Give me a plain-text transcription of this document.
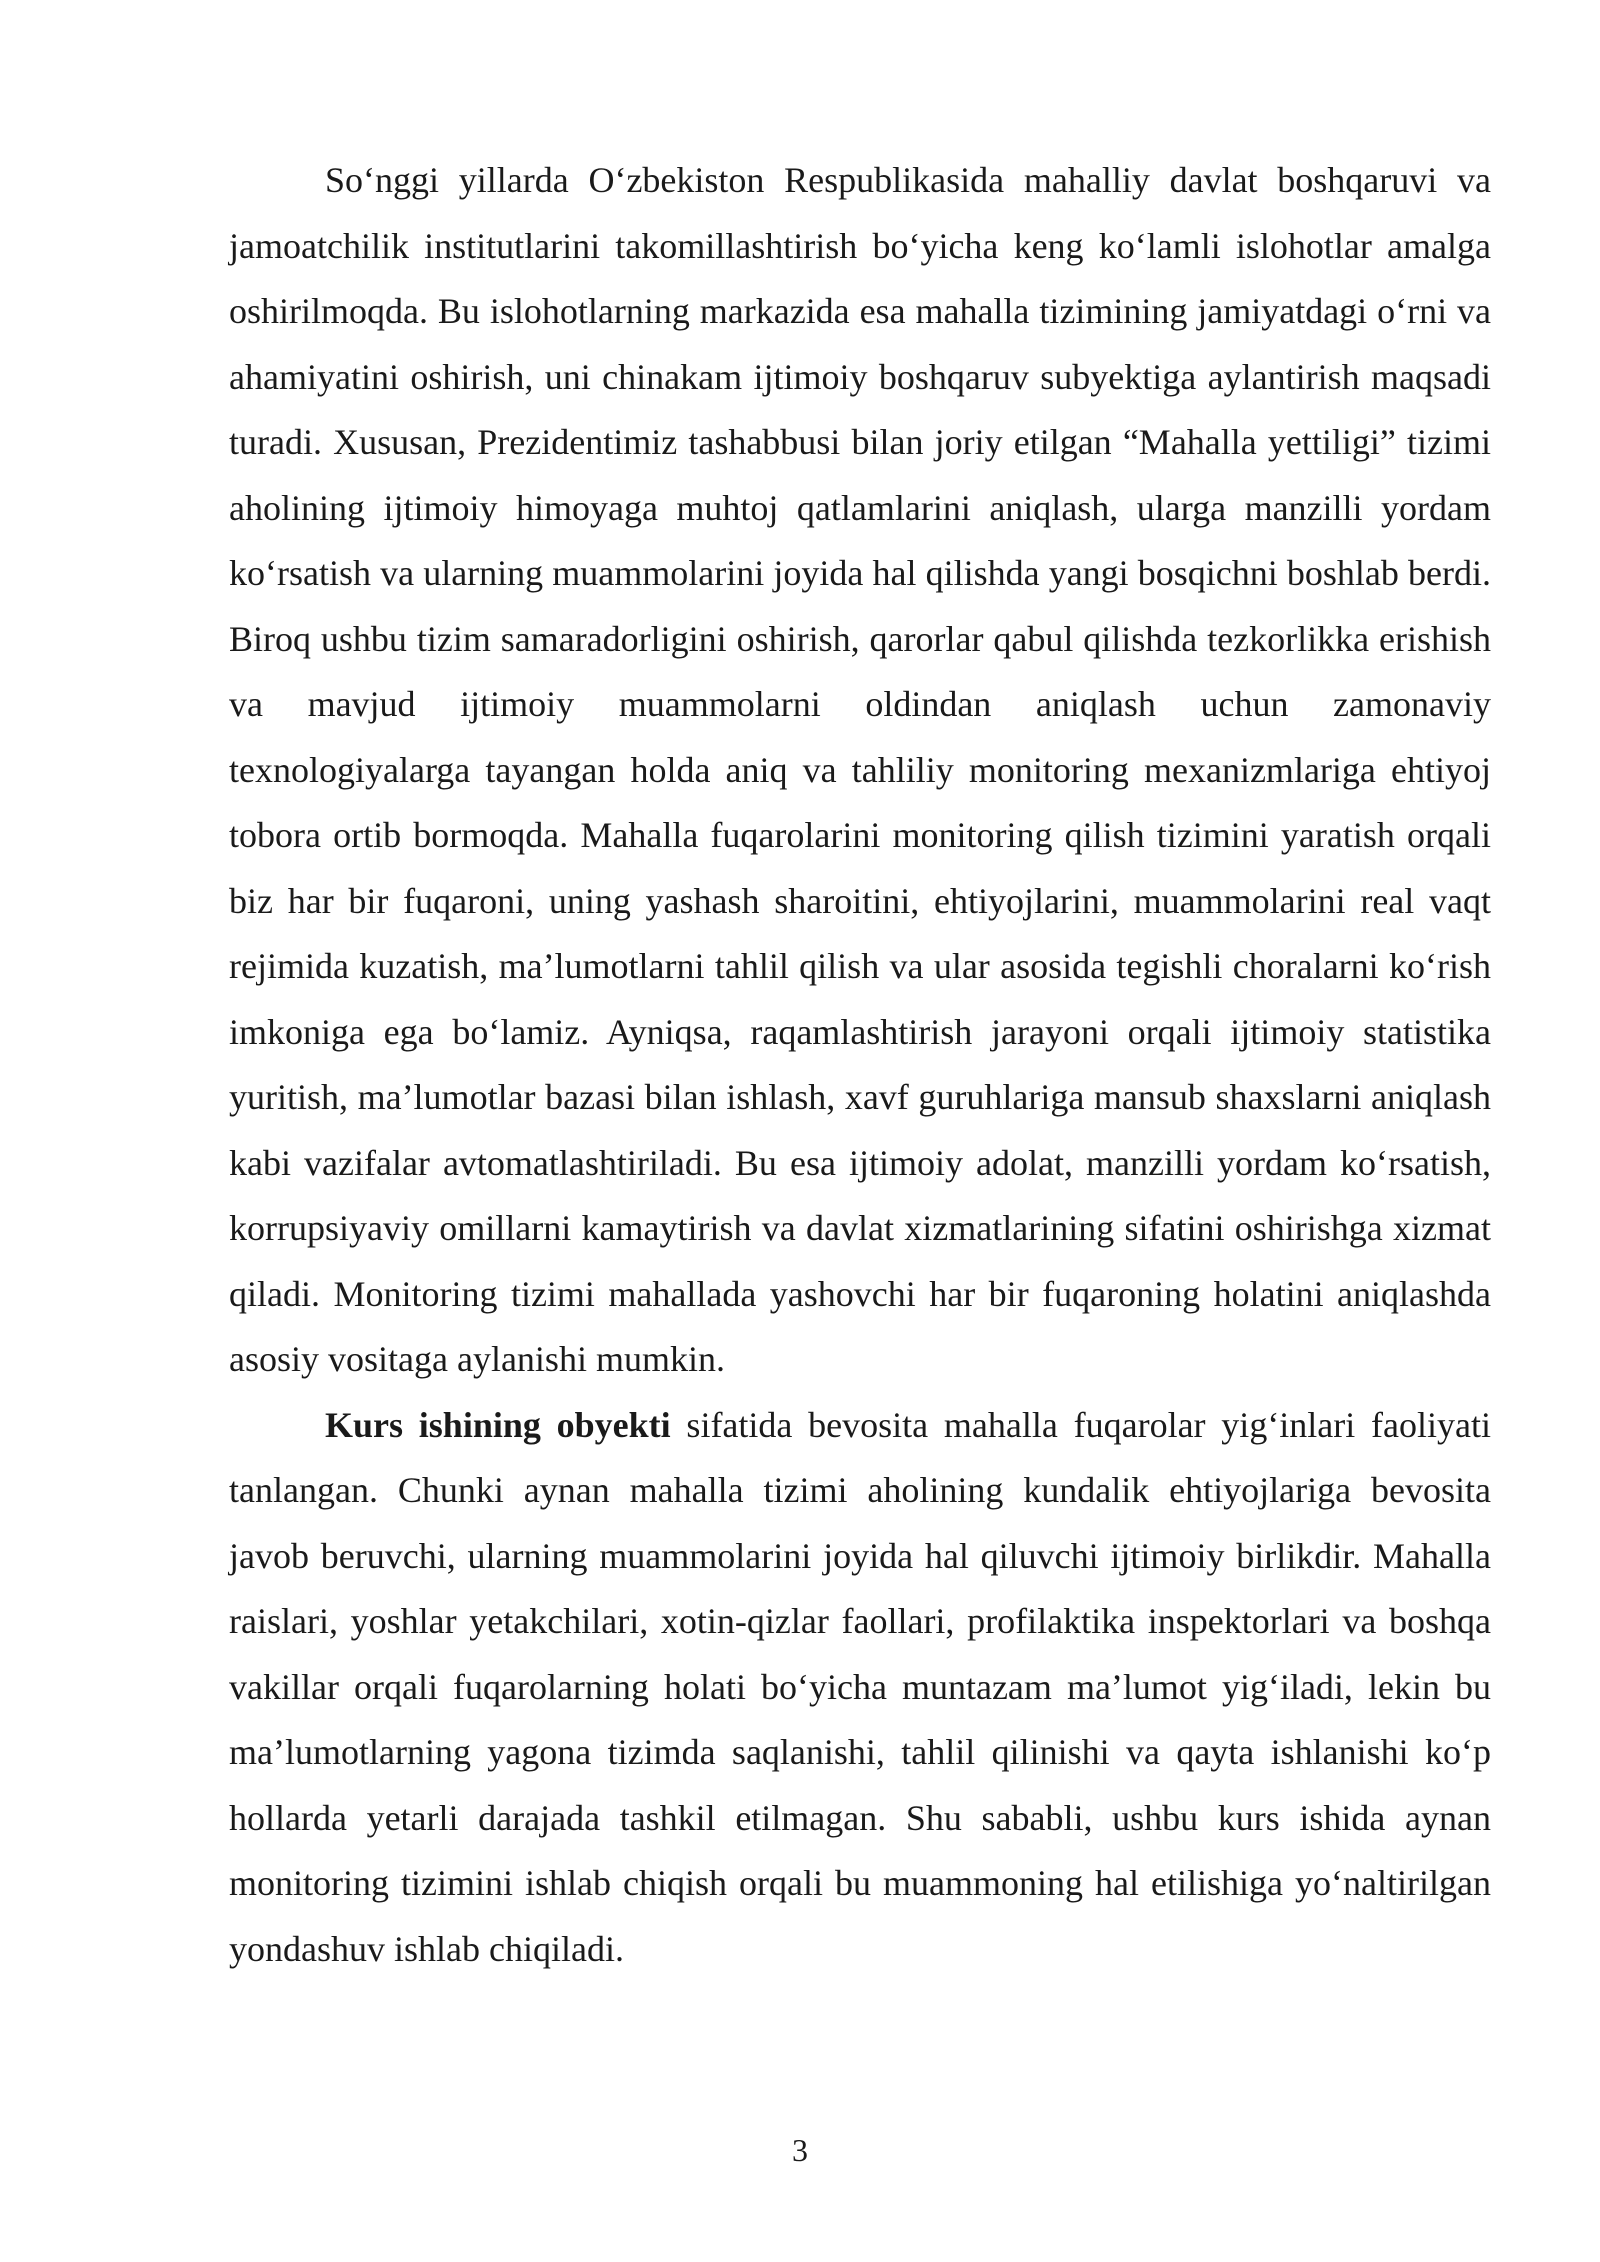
So‘nggi yillarda O‘zbekiston Respublikasida mahalliy davlat boshqaruvi va jamoatchilik institutlarini takomillashtirish bo‘yicha keng ko‘lamli islohotlar amalga oshirilmoqda. Bu islohotlarning markazida esa mahalla tizimining jamiyatdagi o‘rni va ahamiyatini oshirish, uni chinakam ijtimoiy boshqaruv subyektiga aylantirish maqsadi turadi. Xususan, Prezidentimiz tashabbusi bilan joriy etilgan “Mahalla yettiligi” tizimi aholining ijtimoiy himoyaga muhtoj qatlamlarini aniqlash, ularga manzilli yordam ko‘rsatish va ularning muammolarini joyida hal qilishda yangi bosqichni boshlab berdi. Biroq ushbu tizim samaradorligini oshirish, qarorlar qabul qilishda tezkorlikka erishish va mavjud ijtimoiy muammolarni oldindan aniqlash uchun zamonaviy texnologiyalarga tayangan holda aniq va tahliliy monitoring mexanizmlariga ehtiyoj tobora ortib bormoqda. Mahalla fuqarolarini monitoring qilish tizimini yaratish orqali biz har bir fuqaroni, uning yashash sharoitini, ehtiyojlarini, muammolarini real vaqt rejimida kuzatish, ma’lumotlarni tahlil qilish va ular asosida tegishli choralarni ko‘rish imkoniga ega bo‘lamiz. Ayniqsa, raqamlashtirish jarayoni orqali ijtimoiy statistika yuritish, ma’lumotlar bazasi bilan ishlash, xavf guruhlariga mansub shaxslarni aniqlash kabi vazifalar avtomatlashtiriladi. Bu esa ijtimoiy adolat, manzilli yordam ko‘rsatish, korrupsiyaviy omillarni kamaytirish va davlat xizmatlarining sifatini oshirishga xizmat qiladi. Monitoring tizimi mahallada yashovchi har bir fuqaroning holatini aniqlashda asosiy vositaga aylanishi mumkin.

Kurs ishining obyekti sifatida bevosita mahalla fuqarolar yig‘inlari faoliyati tanlangan. Chunki aynan mahalla tizimi aholining kundalik ehtiyojlariga bevosita javob beruvchi, ularning muammolarini joyida hal qiluvchi ijtimoiy birlikdir. Mahalla raislari, yoshlar yetakchilari, xotin-qizlar faollari, profilaktika inspektorlari va boshqa vakillar orqali fuqarolarning holati bo‘yicha muntazam ma’lumot yig‘iladi, lekin bu ma’lumotlarning yagona tizimda saqlanishi, tahlil qilinishi va qayta ishlanishi ko‘p hollarda yetarli darajada tashkil etilmagan. Shu sababli, ushbu kurs ishida aynan monitoring tizimini ishlab chiqish orqali bu muammoning hal etilishiga yo‘naltirilgan yondashuv ishlab chiqiladi.

3
